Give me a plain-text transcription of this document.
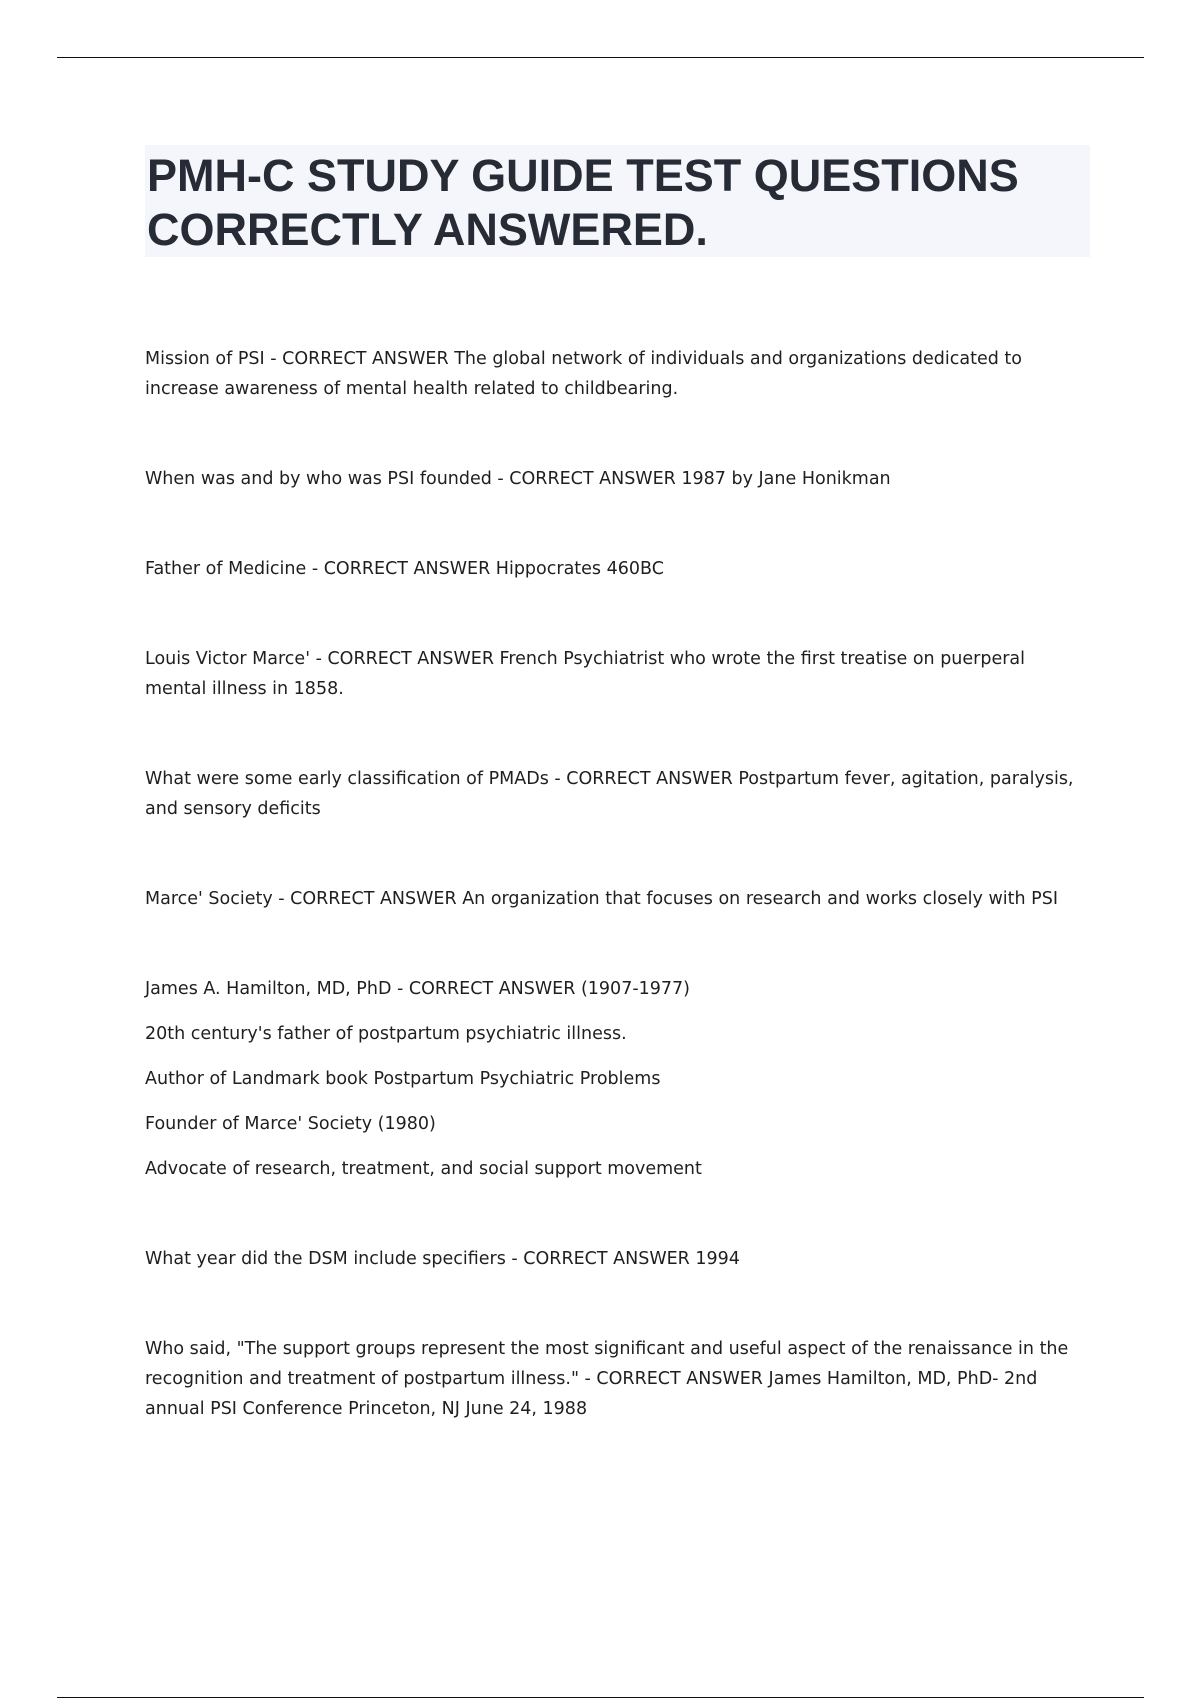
PMH-C STUDY GUIDE TEST QUESTIONS CORRECTLY ANSWERED.

Mission of PSI - CORRECT ANSWER The global network of individuals and organizations dedicated to increase awareness of mental health related to childbearing.

When was and by who was PSI founded - CORRECT ANSWER 1987 by Jane Honikman

Father of Medicine - CORRECT ANSWER Hippocrates 460BC

Louis Victor Marce' - CORRECT ANSWER French Psychiatrist who wrote the first treatise on puerperal mental illness in 1858.

What were some early classification of PMADs - CORRECT ANSWER Postpartum fever, agitation, paralysis, and sensory deficits

Marce' Society - CORRECT ANSWER An organization that focuses on research and works closely with PSI

James A. Hamilton, MD, PhD - CORRECT ANSWER (1907-1977)

20th century's father of postpartum psychiatric illness.

Author of Landmark book Postpartum Psychiatric Problems

Founder of Marce' Society (1980)

Advocate of research, treatment, and social support movement

What year did the DSM include specifiers - CORRECT ANSWER 1994

Who said, "The support groups represent the most significant and useful aspect of the renaissance in the recognition and treatment of postpartum illness." - CORRECT ANSWER James Hamilton, MD, PhD- 2nd annual PSI Conference Princeton, NJ June 24, 1988
